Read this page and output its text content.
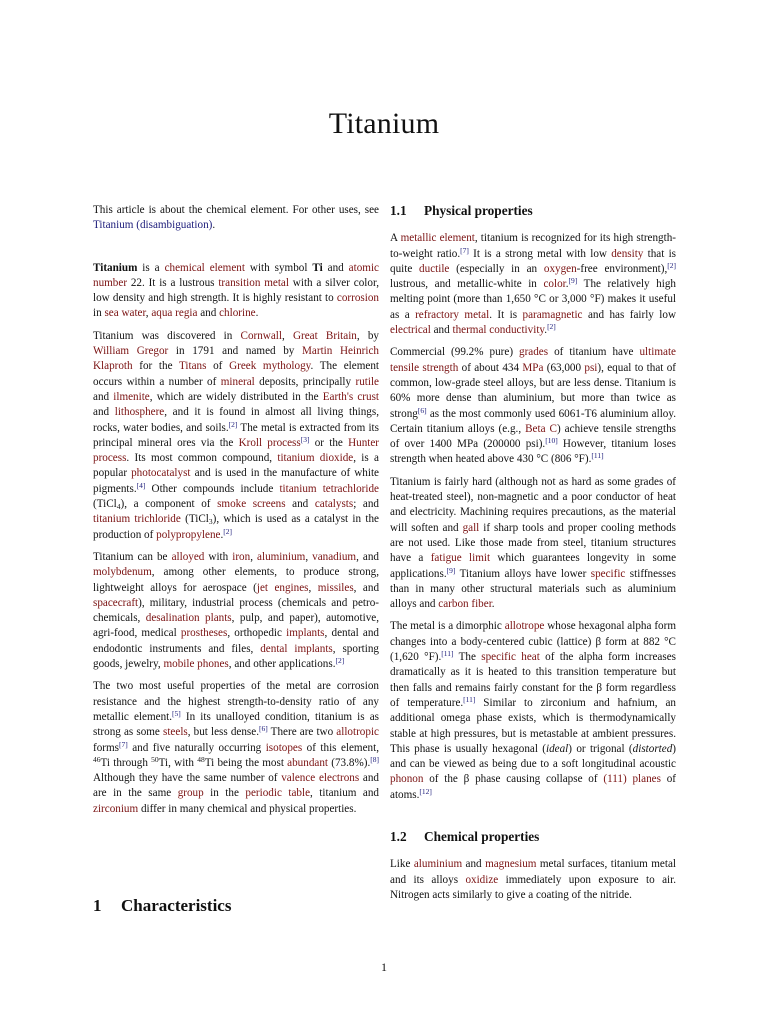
Titanium

This article is about the chemical element. For other uses, see Titanium (disambiguation).

Titanium is a chemical element with symbol Ti and atomic number 22. It is a lustrous transition metal with a silver color, low density and high strength. It is highly resistant to corrosion in sea water, aqua regia and chlorine.

Titanium was discovered in Cornwall, Great Britain, by William Gregor in 1791 and named by Martin Heinrich Klaproth for the Titans of Greek mythology. The element occurs within a number of mineral deposits, principally rutile and ilmenite, which are widely distributed in the Earth's crust and lithosphere, and it is found in almost all living things, rocks, water bodies, and soils.[2] The metal is extracted from its principal mineral ores via the Kroll process[3] or the Hunter process. Its most common compound, titanium dioxide, is a popular photocatalyst and is used in the manufacture of white pigments.[4] Other compounds include titanium tetrachloride (TiCl$_4$), a component of smoke screens and catalysts; and titanium trichloride (TiCl$_3$), which is used as a catalyst in the production of polypropylene.[2]

Titanium can be alloyed with iron, aluminium, vanadium, and molybdenum, among other elements, to produce strong, lightweight alloys for aerospace (jet engines, missiles, and spacecraft), military, industrial process (chemicals and petro-chemicals, desalination plants, pulp, and paper), automotive, agri-food, medical prostheses, orthopedic implants, dental and endodontic instruments and files, dental implants, sporting goods, jewelry, mobile phones, and other applications.[2]

The two most useful properties of the metal are corrosion resistance and the highest strength-to-density ratio of any metallic element.[5] In its unalloyed condition, titanium is as strong as some steels, but less dense.[6] There are two allotropic forms[7] and five naturally occurring isotopes of this element, $^{46}$Ti through $^{50}$Ti, with $^{48}$Ti being the most abundant (73.8%).[8] Although they have the same number of valence electrons and are in the same group in the periodic table, titanium and zirconium differ in many chemical and physical properties.

1 Characteristics
1.1 Physical properties

A metallic element, titanium is recognized for its high strength-to-weight ratio.[7] It is a strong metal with low density that is quite ductile (especially in an oxygen-free environment),[2] lustrous, and metallic-white in color.[9] The relatively high melting point (more than 1,650 °C or 3,000 °F) makes it useful as a refractory metal. It is paramagnetic and has fairly low electrical and thermal conductivity.[2]

Commercial (99.2% pure) grades of titanium have ultimate tensile strength of about 434 MPa (63,000 psi), equal to that of common, low-grade steel alloys, but are less dense. Titanium is 60% more dense than aluminium, but more than twice as strong[6] as the most commonly used 6061-T6 aluminium alloy. Certain titanium alloys (e.g., Beta C) achieve tensile strengths of over 1400 MPa (200000 psi).[10] However, titanium loses strength when heated above 430 °C (806 °F).[11]

Titanium is fairly hard (although not as hard as some grades of heat-treated steel), non-magnetic and a poor conductor of heat and electricity. Machining requires precautions, as the material will soften and gall if sharp tools and proper cooling methods are not used. Like those made from steel, titanium structures have a fatigue limit which guarantees longevity in some applications.[9] Titanium alloys have lower specific stiffnesses than in many other structural materials such as aluminium alloys and carbon fiber.

The metal is a dimorphic allotrope whose hexagonal alpha form changes into a body-centered cubic (lattice) β form at 882 °C (1,620 °F).[11] The specific heat of the alpha form increases dramatically as it is heated to this transition temperature but then falls and remains fairly constant for the β form regardless of temperature.[11] Similar to zirconium and hafnium, an additional omega phase exists, which is thermodynamically stable at high pressures, but is metastable at ambient pressures. This phase is usually hexagonal (ideal) or trigonal (distorted) and can be viewed as being due to a soft longitudinal acoustic phonon of the β phase causing collapse of (111) planes of atoms.[12]

1.2 Chemical properties

Like aluminium and magnesium metal surfaces, titanium metal and its alloys oxidize immediately upon exposure to air. Nitrogen acts similarly to give a coating of the nitride.

1
